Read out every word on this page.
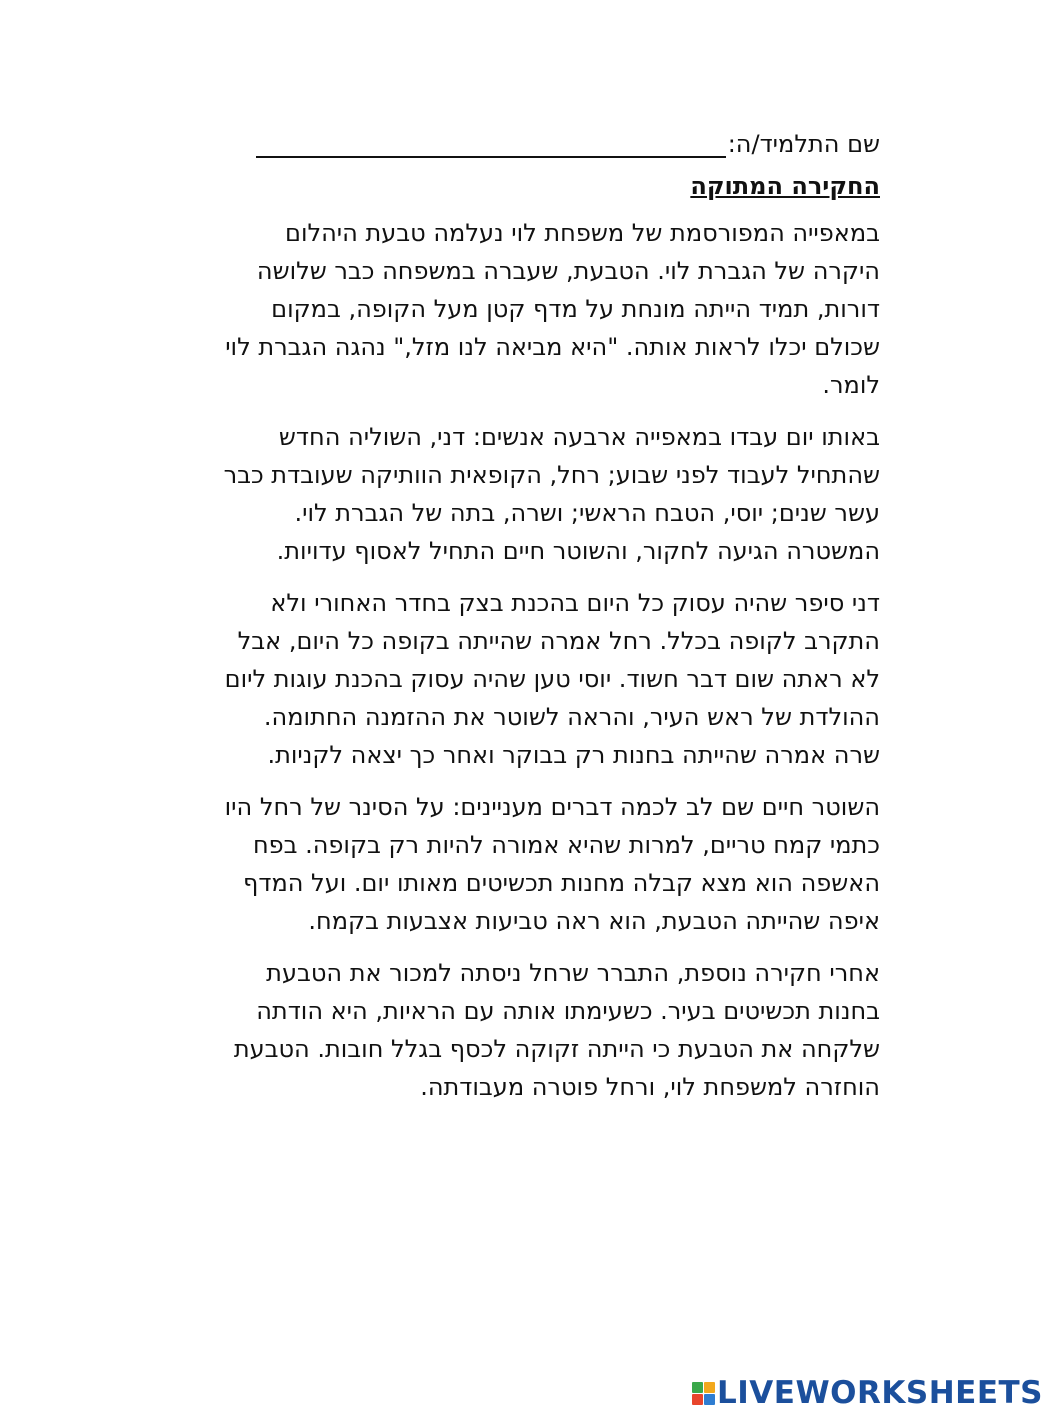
שם התלמיד/ה:
החקירה המתוקה

במאפייה המפורסמת של משפחת לוי נעלמה טבעת היהלום
היקרה של הגברת לוי. הטבעת, שעברה במשפחה כבר שלושה
דורות, תמיד הייתה מונחת על מדף קטן מעל הקופה, במקום
שכולם יכלו לראות אותה. "היא מביאה לנו מזל," נהגה הגברת לוי
לומר.

באותו יום עבדו במאפייה ארבעה אנשים: דני, השוליה החדש
שהתחיל לעבוד לפני שבוע; רחל, הקופאית הוותיקה שעובדת כבר
עשר שנים; יוסי, הטבח הראשי; ושרה, בתה של הגברת לוי.
המשטרה הגיעה לחקור, והשוטר חיים התחיל לאסוף עדויות.

דני סיפר שהיה עסוק כל היום בהכנת בצק בחדר האחורי ולא
התקרב לקופה בכלל. רחל אמרה שהייתה בקופה כל היום, אבל
לא ראתה שום דבר חשוד. יוסי טען שהיה עסוק בהכנת עוגות ליום
ההולדת של ראש העיר, והראה לשוטר את ההזמנה החתומה.
שרה אמרה שהייתה בחנות רק בבוקר ואחר כך יצאה לקניות.

השוטר חיים שם לב לכמה דברים מעניינים: על הסינר של רחל היו
כתמי קמח טריים, למרות שהיא אמורה להיות רק בקופה. בפח
האשפה הוא מצא קבלה מחנות תכשיטים מאותו יום. ועל המדף
איפה שהייתה הטבעת, הוא ראה טביעות אצבעות בקמח.

אחרי חקירה נוספת, התברר שרחל ניסתה למכור את הטבעת
בחנות תכשיטים בעיר. כשעימתו אותה עם הראיות, היא הודתה
שלקחה את הטבעת כי הייתה זקוקה לכסף בגלל חובות. הטבעת
הוחזרה למשפחת לוי, ורחל פוטרה מעבודתה.

LIVEWORKSHEETS
